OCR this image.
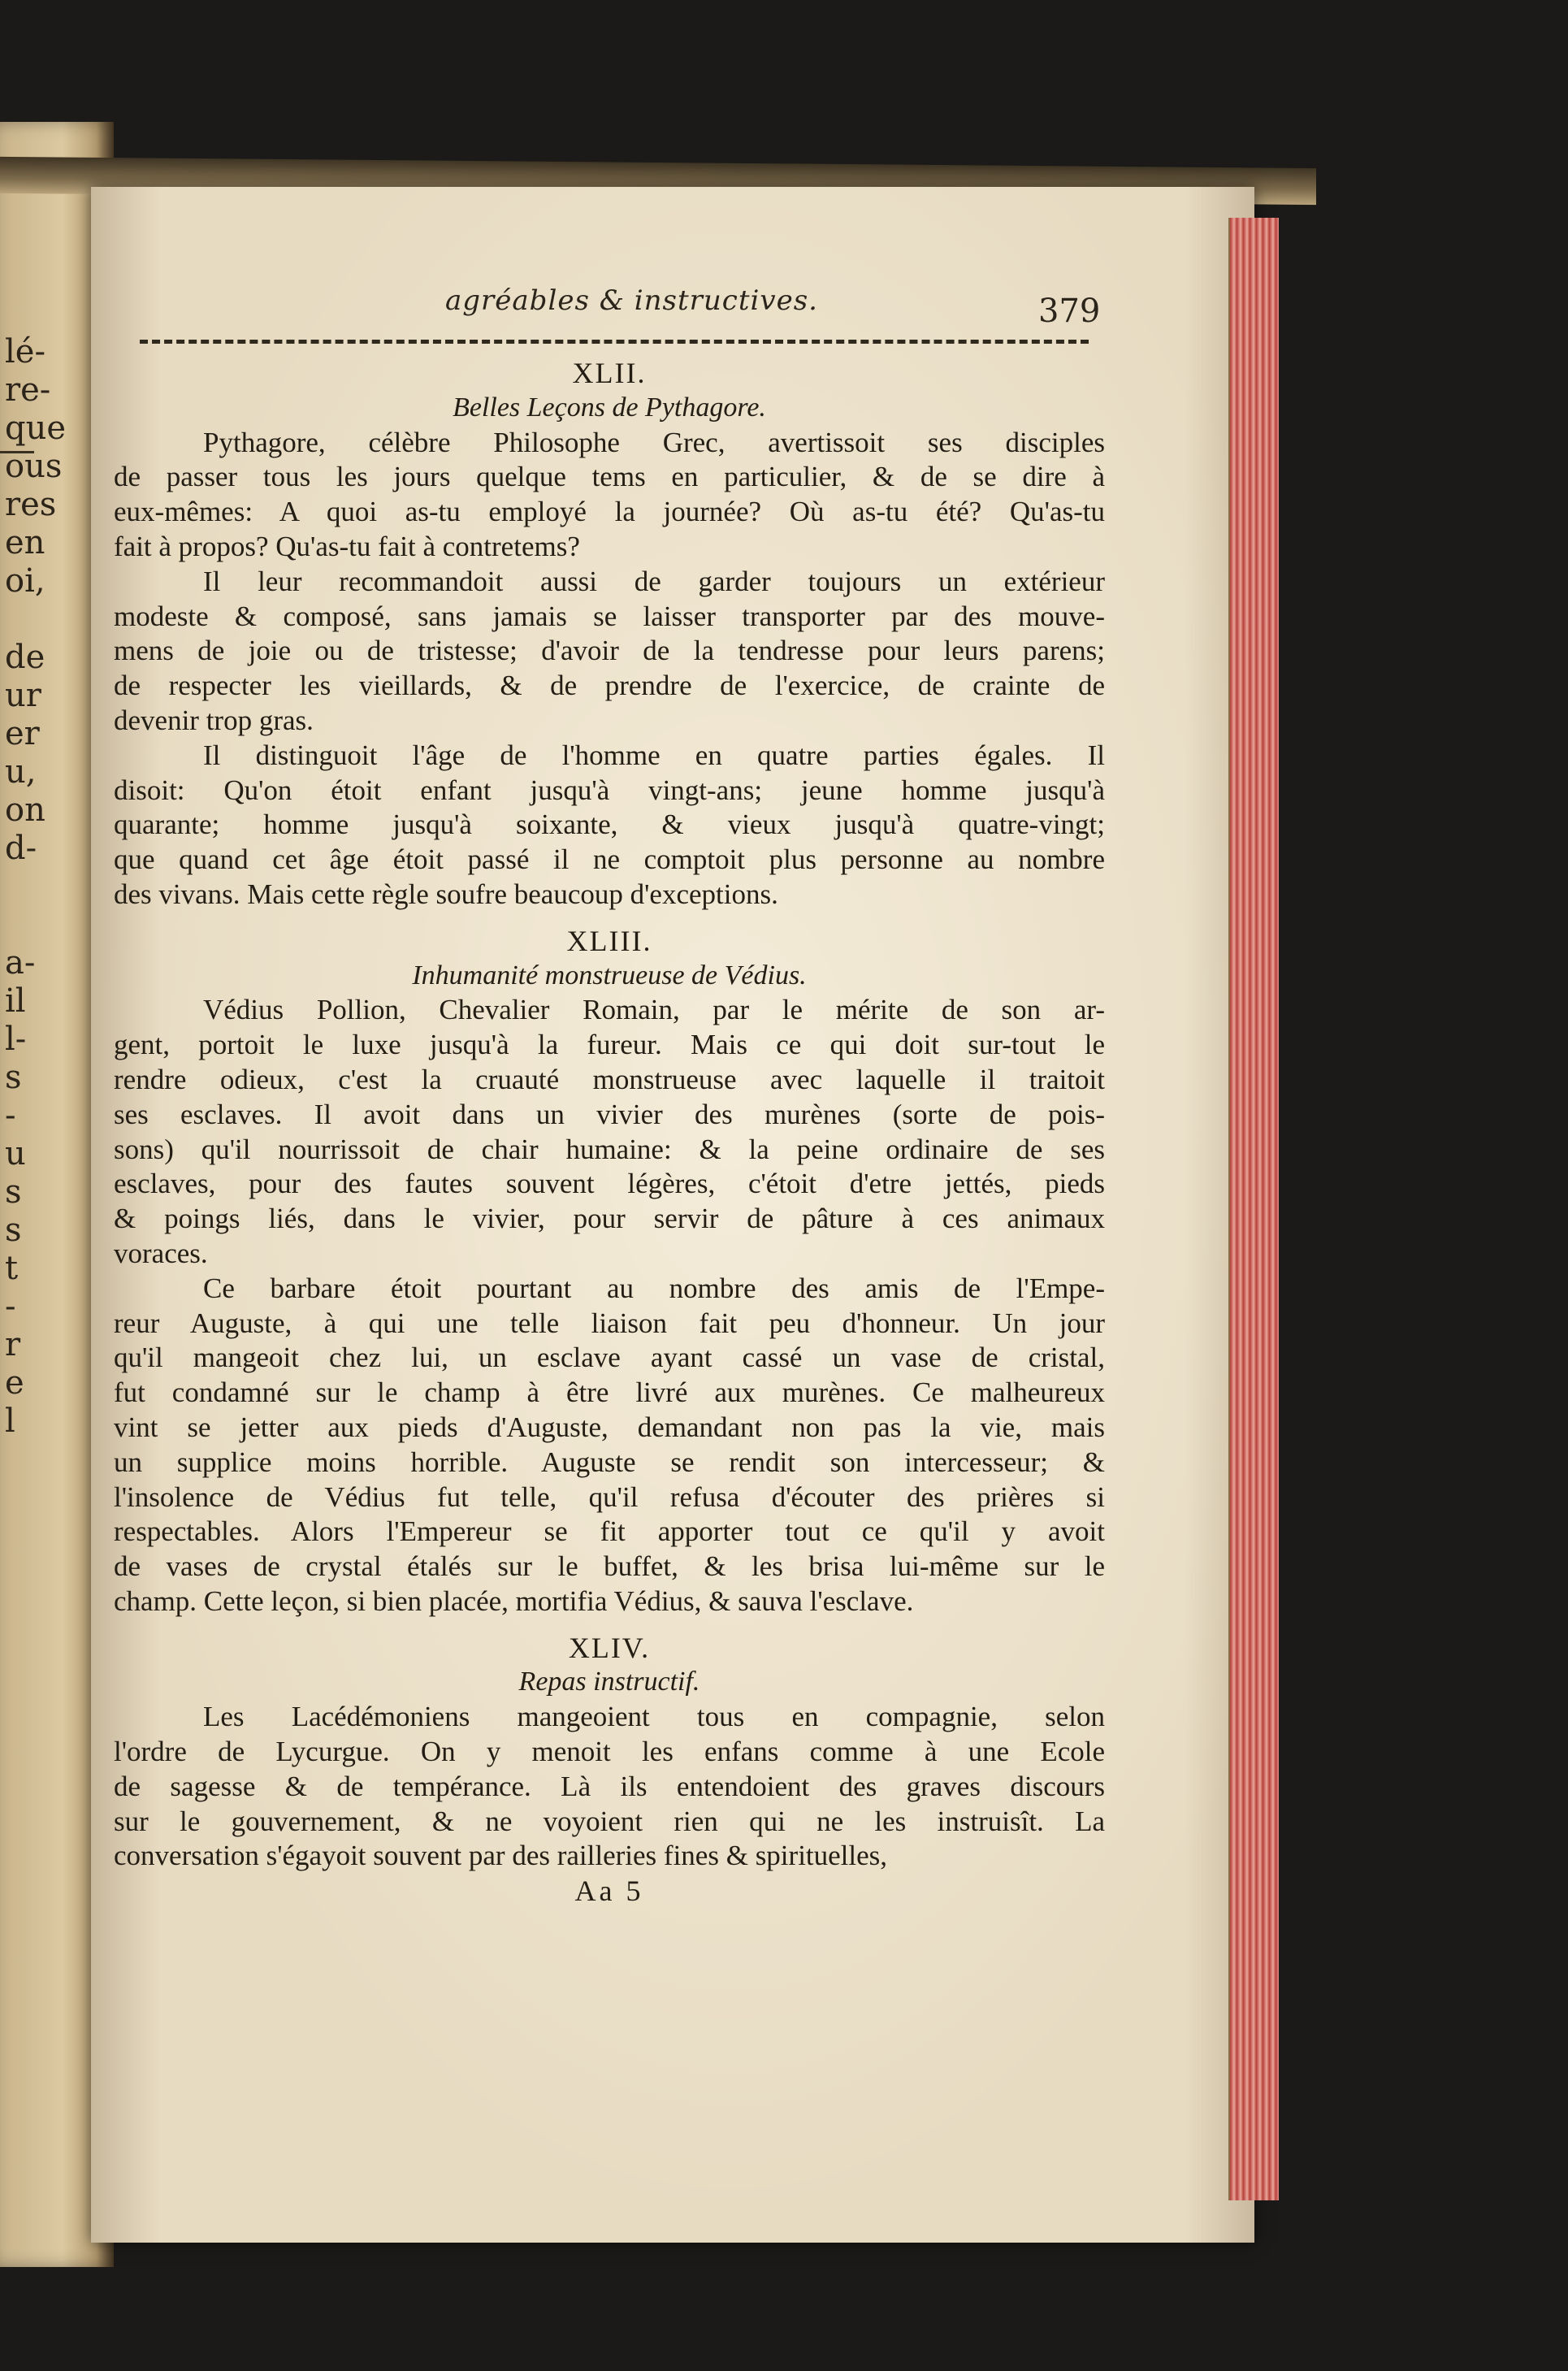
lé-
re-
que
ous
res
en
oi,
de
ur
er
u,
on
d-
a-
il
l-
s
-
u
s
s
t
-
r
e
l
agréables & instructives.	379
XLII.
Belles Leçons de Pythagore.
Pythagore, célèbre Philosophe Grec, avertissoit ses disciples
de passer tous les jours quelque tems en particulier, & de se dire à
eux-mêmes: A quoi as-tu employé la journée? Où as-tu été? Qu'as-tu
fait à propos? Qu'as-tu fait à contretems?
Il leur recommandoit aussi de garder toujours un extérieur
modeste & composé, sans jamais se laisser transporter par des mouve-
mens de joie ou de tristesse; d'avoir de la tendresse pour leurs parens;
de respecter les vieillards, & de prendre de l'exercice, de crainte de
devenir trop gras.
Il distinguoit l'âge de l'homme en quatre parties égales. Il
disoit: Qu'on étoit enfant jusqu'à vingt-ans; jeune homme jusqu'à
quarante; homme jusqu'à soixante, & vieux jusqu'à quatre-vingt;
que quand cet âge étoit passé il ne comptoit plus personne au nombre
des vivans. Mais cette règle soufre beaucoup d'exceptions.
XLIII.
Inhumanité monstrueuse de Védius.
Védius Pollion, Chevalier Romain, par le mérite de son ar-
gent, portoit le luxe jusqu'à la fureur. Mais ce qui doit sur-tout le
rendre odieux, c'est la cruauté monstrueuse avec laquelle il traitoit
ses esclaves. Il avoit dans un vivier des murènes (sorte de pois-
sons) qu'il nourrissoit de chair humaine: & la peine ordinaire de ses
esclaves, pour des fautes souvent légères, c'étoit d'etre jettés, pieds
& poings liés, dans le vivier, pour servir de pâture à ces animaux
voraces.
Ce barbare étoit pourtant au nombre des amis de l'Empe-
reur Auguste, à qui une telle liaison fait peu d'honneur. Un jour
qu'il mangeoit chez lui, un esclave ayant cassé un vase de cristal,
fut condamné sur le champ à être livré aux murènes. Ce malheureux
vint se jetter aux pieds d'Auguste, demandant non pas la vie, mais
un supplice moins horrible. Auguste se rendit son intercesseur; &
l'insolence de Védius fut telle, qu'il refusa d'écouter des prières si
respectables. Alors l'Empereur se fit apporter tout ce qu'il y avoit
de vases de crystal étalés sur le buffet, & les brisa lui-même sur le
champ. Cette leçon, si bien placée, mortifia Védius, & sauva l'esclave.
XLIV.
Repas instructif.
Les Lacédémoniens mangeoient tous en compagnie, selon
l'ordre de Lycurgue. On y menoit les enfans comme à une Ecole
de sagesse & de tempérance. Là ils entendoient des graves discours
sur le gouvernement, & ne voyoient rien qui ne les instruisît. La
conversation s'égayoit souvent par des railleries fines & spirituelles,
Aa 5
